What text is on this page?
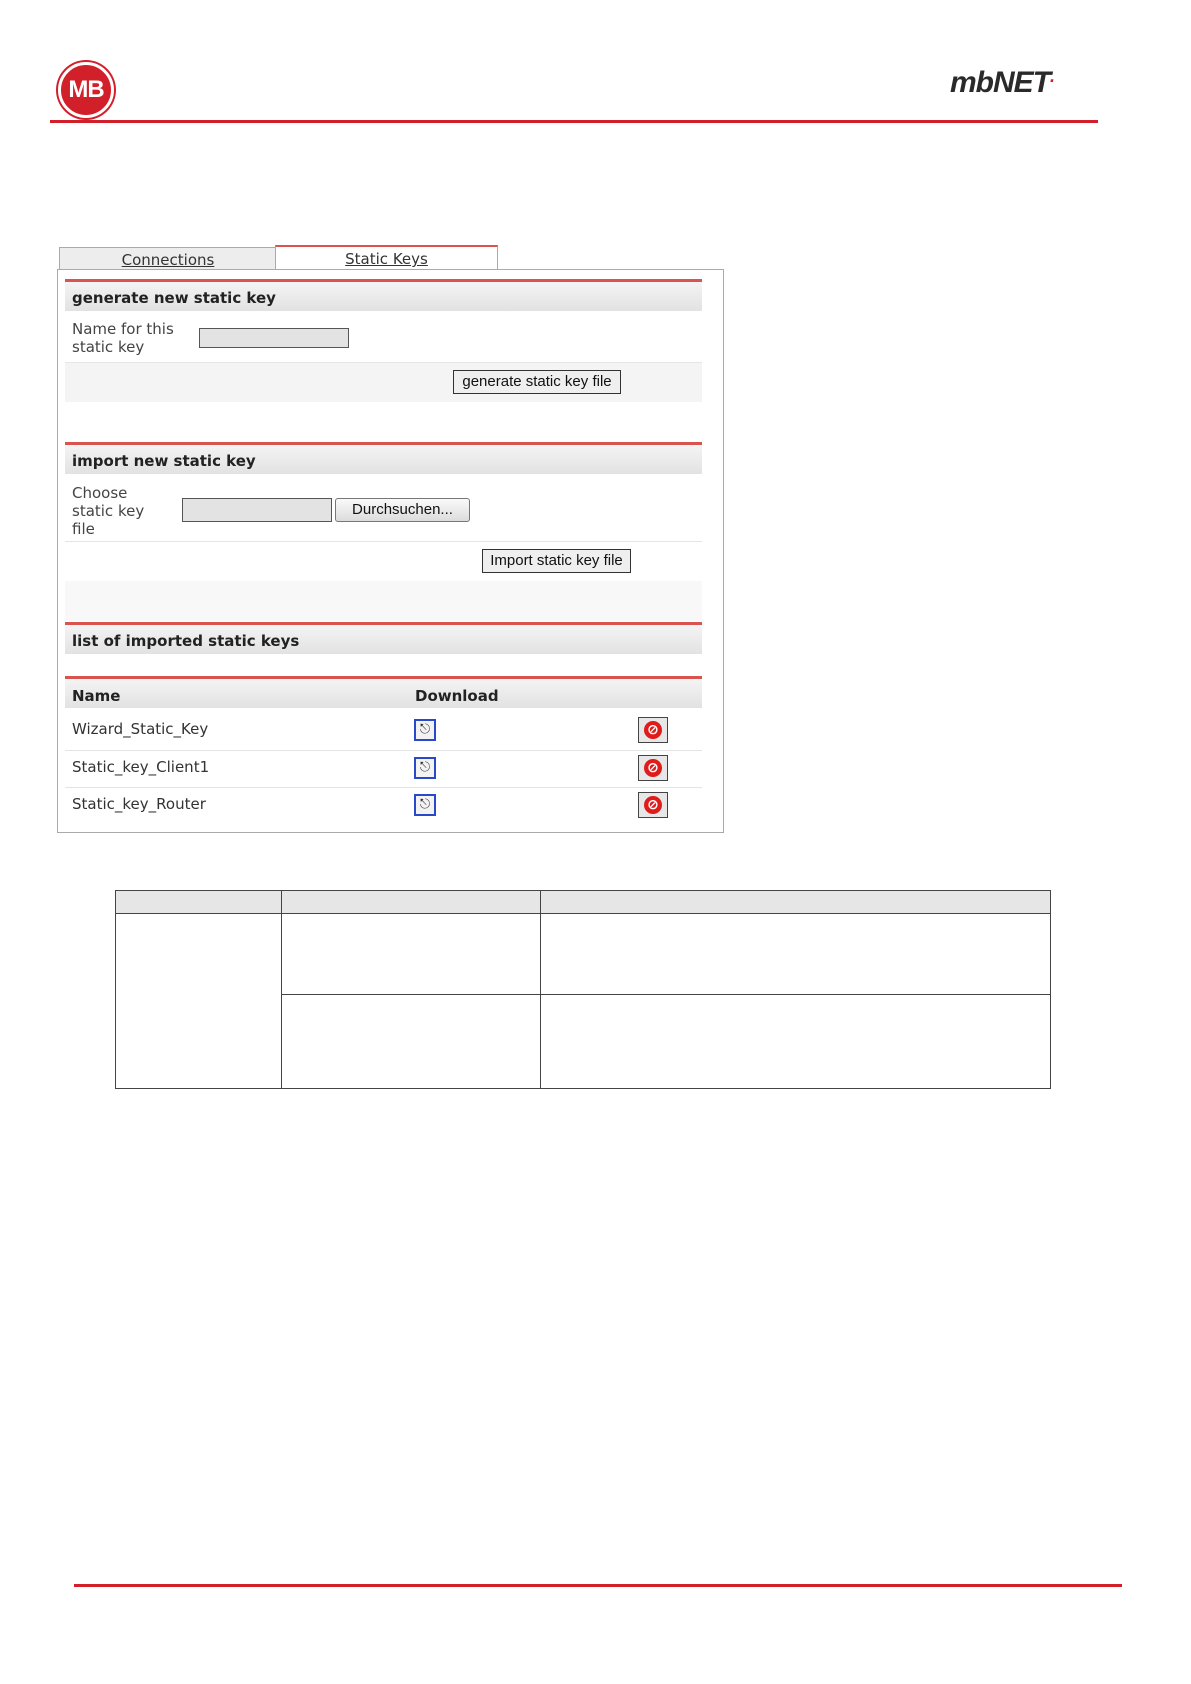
MB	mbNET.
Connections	Static Keys
generate new static key
Name for this static key
generate static key file
import new static key
Choose static key file
Durchsuchen...
Import static key file
list of imported static keys
Name	Download
Wizard_Static_Key	⎋	⊘
Static_key_Client1	⎋	⊘
Static_key_Router	⎋	⊘
